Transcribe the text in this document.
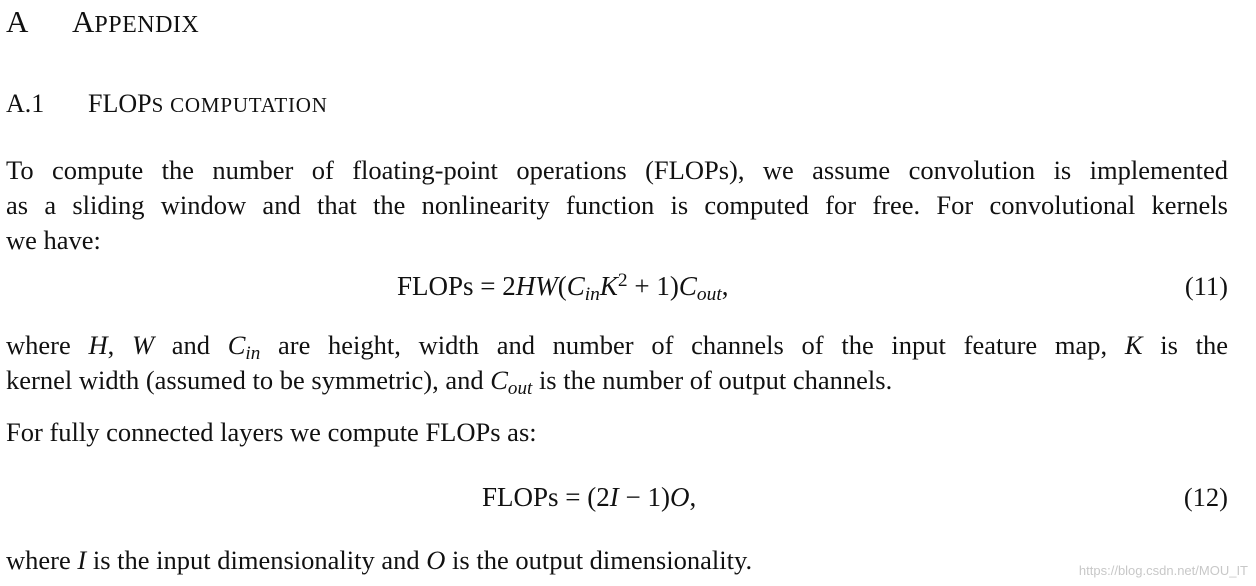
A APPENDIX
A.1 FLOPS COMPUTATION
To compute the number of floating-point operations (FLOPs), we assume convolution is implemented
as a sliding window and that the nonlinearity function is computed for free. For convolutional kernels
we have:
FLOPs = $2HW(C_{in}K^2 + 1)C_{out}$,	(11)
where H, W and $C_{in}$ are height, width and number of channels of the input feature map, K is the
kernel width (assumed to be symmetric), and $C_{out}$ is the number of output channels.
For fully connected layers we compute FLOPs as:
FLOPs = (2I − 1)O,	(12)
where I is the input dimensionality and O is the output dimensionality.	https://blog.csdn.net/MOU_IT
